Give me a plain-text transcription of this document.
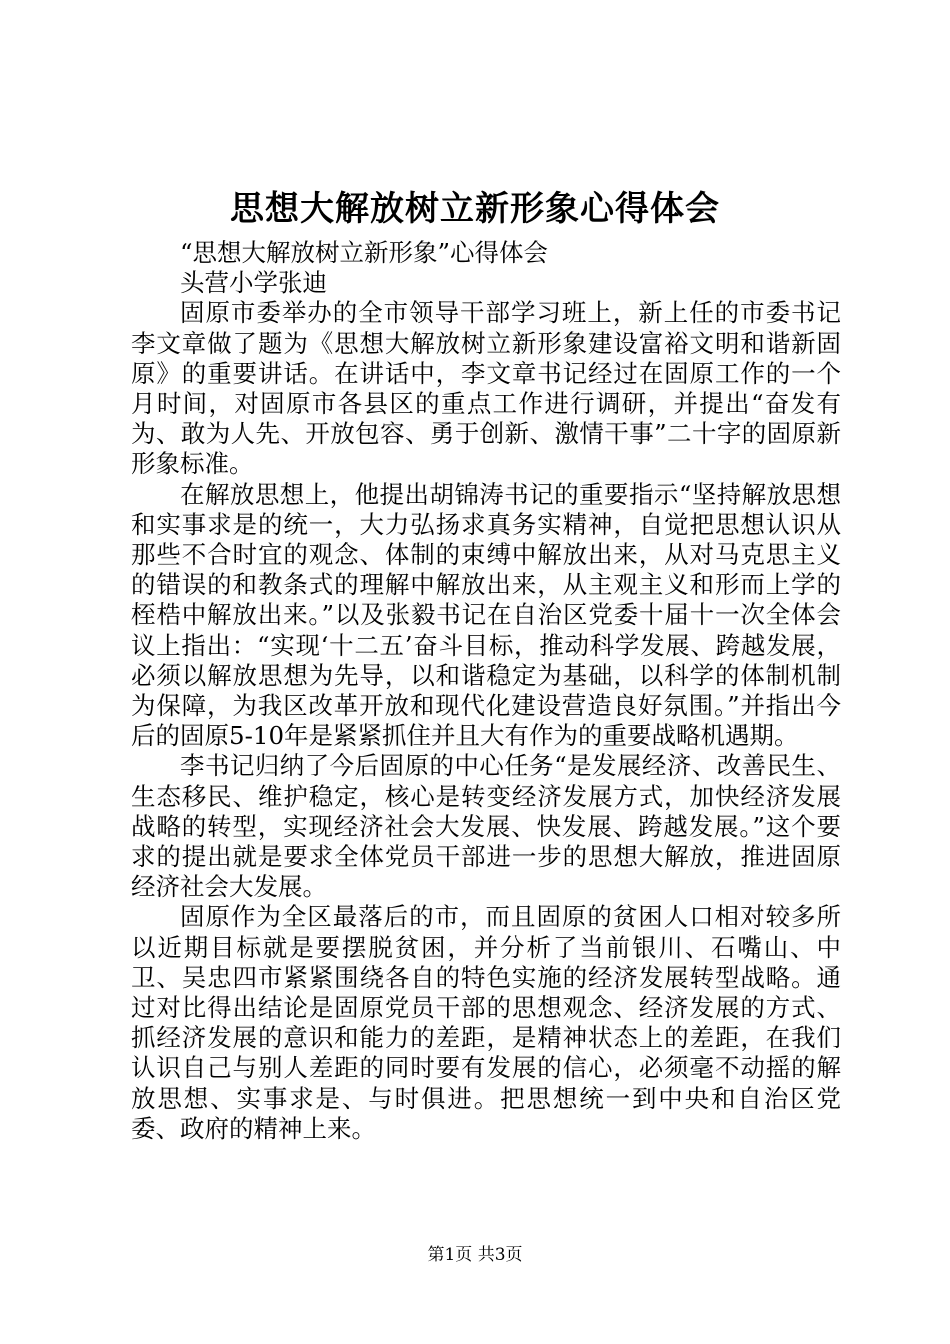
思想大解放树立新形象心得体会

“思想大解放树立新形象”心得体会

头营小学张迪

固原市委举办的全市领导干部学习班上，新上任的市委书记李文章做了题为《思想大解放树立新形象建设富裕文明和谐新固原》的重要讲话。在讲话中，李文章书记经过在固原工作的一个月时间，对固原市各县区的重点工作进行调研，并提出“奋发有为、敢为人先、开放包容、勇于创新、激情干事”二十字的固原新形象标准。

在解放思想上，他提出胡锦涛书记的重要指示“坚持解放思想和实事求是的统一，大力弘扬求真务实精神，自觉把思想认识从那些不合时宜的观念、体制的束缚中解放出来，从对马克思主义的错误的和教条式的理解中解放出来，从主观主义和形而上学的桎梏中解放出来。”以及张毅书记在自治区党委十届十一次全体会议上指出：“实现‘十二五’奋斗目标，推动科学发展、跨越发展，必须以解放思想为先导，以和谐稳定为基础，以科学的体制机制为保障，为我区改革开放和现代化建设营造良好氛围。”并指出今后的固原5-10年是紧紧抓住并且大有作为的重要战略机遇期。

李书记归纳了今后固原的中心任务“是发展经济、改善民生、生态移民、维护稳定，核心是转变经济发展方式，加快经济发展战略的转型，实现经济社会大发展、快发展、跨越发展。”这个要求的提出就是要求全体党员干部进一步的思想大解放，推进固原经济社会大发展。

固原作为全区最落后的市，而且固原的贫困人口相对较多所以近期目标就是要摆脱贫困，并分析了当前银川、石嘴山、中卫、吴忠四市紧紧围绕各自的特色实施的经济发展转型战略。通过对比得出结论是固原党员干部的思想观念、经济发展的方式、抓经济发展的意识和能力的差距，是精神状态上的差距，在我们认识自己与别人差距的同时要有发展的信心，必须毫不动摇的解放思想、实事求是、与时俱进。把思想统一到中央和自治区党委、政府的精神上来。

第1页 共3页
